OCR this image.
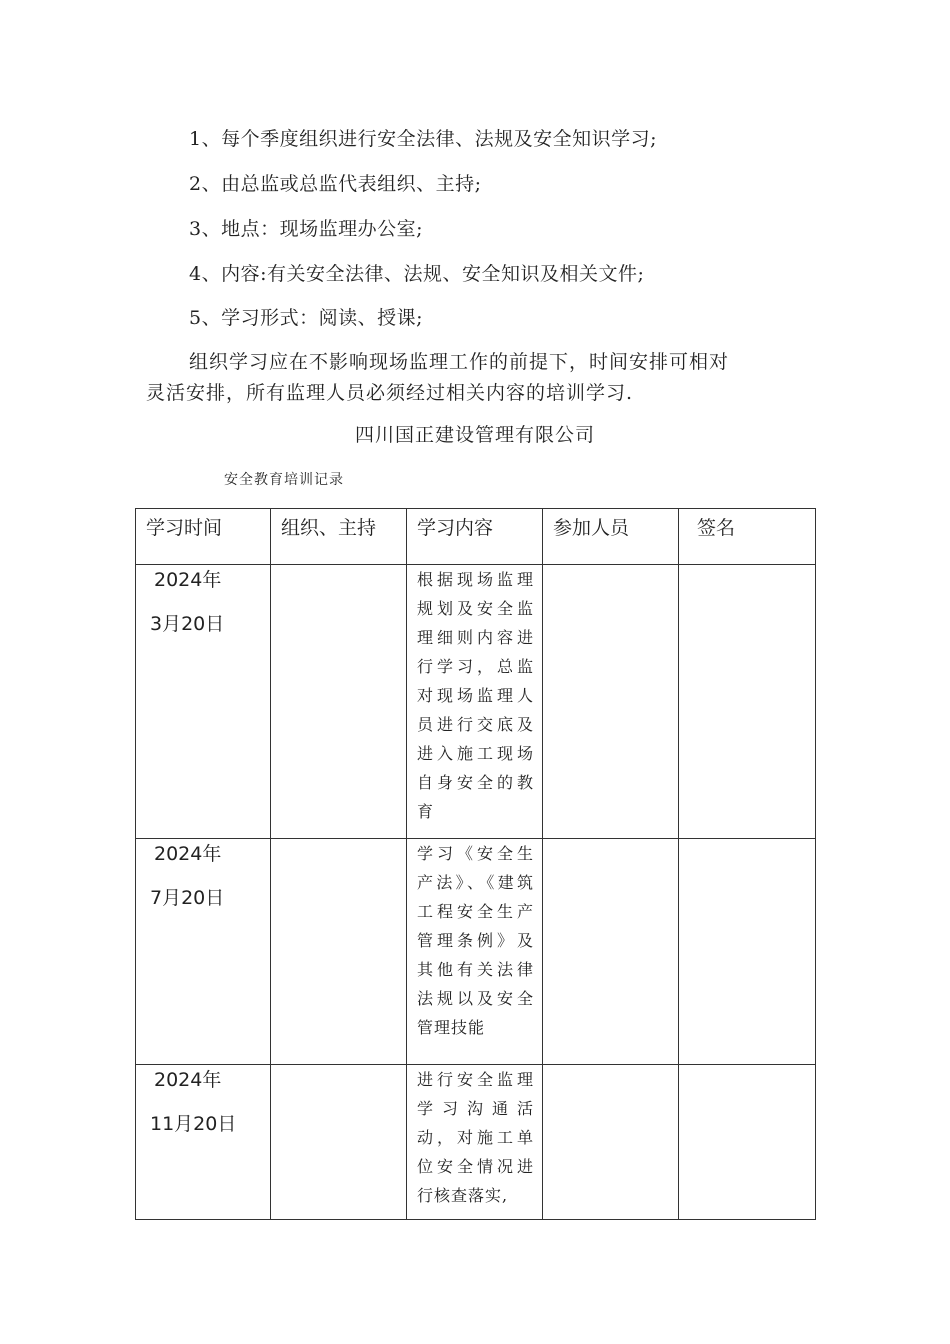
1、每个季度组织进行安全法律、法规及安全知识学习;
2、由总监或总监代表组织、主持;
3、地点：现场监理办公室;
4、内容:有关安全法律、法规、安全知识及相关文件;
5、学习形式：阅读、授课;
组织学习应在不影响现场监理工作的前提下，时间安排可相对
灵活安排，所有监理人员必须经过相关内容的培训学习.
四川国正建设管理有限公司
安全教育培训记录
学习时间	组织、主持	学习内容	参加人员	签名

2024年
3月20日		根据现场监理规划及安全监理细则内容进行学习，总监对现场监理人员进行交底及进入施工现场自身安全的教育		

2024年
7月20日		学习《安全生产法》、《建筑工程安全生产管理条例》及其他有关法律法规以及安全管理技能		

2024年
11月20日		进行安全监理学习沟通活动，对施工单位安全情况进行核查落实,		
